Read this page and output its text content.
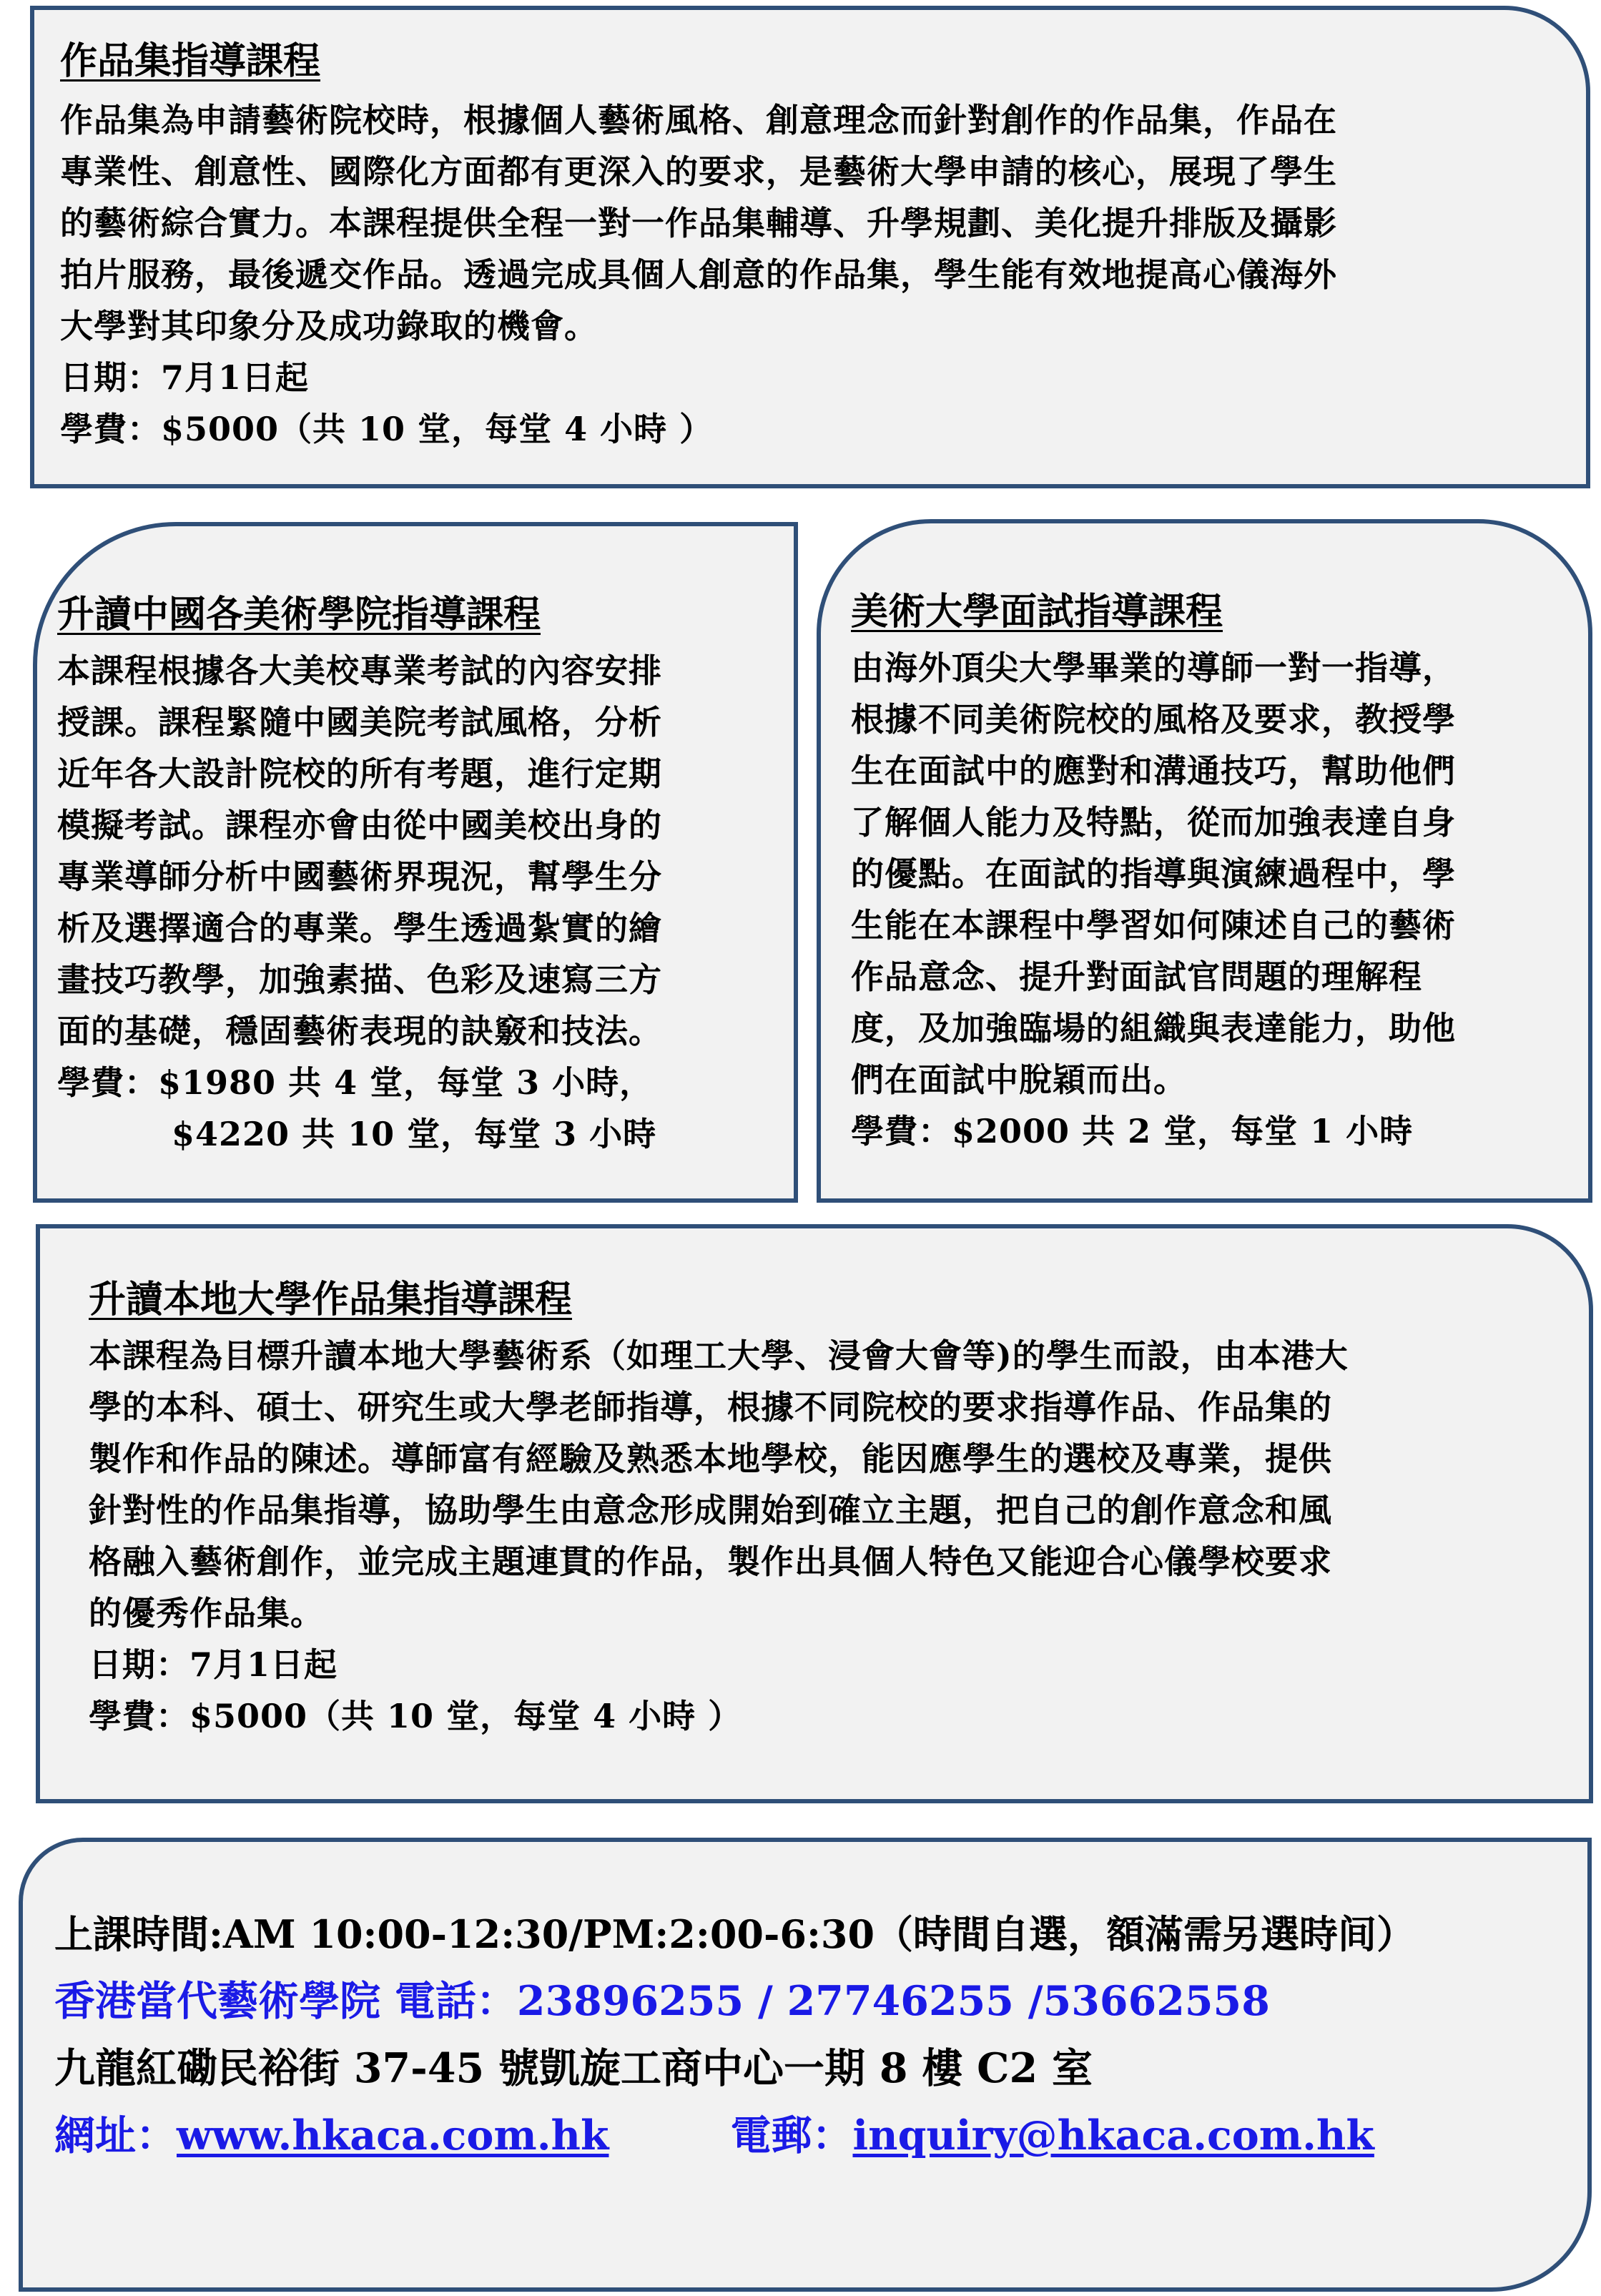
作品集指導課程
作品集為申請藝術院校時，根據個人藝術風格、創意理念而針對創作的作品集，作品在
專業性、創意性、國際化方面都有更深入的要求，是藝術大學申請的核心，展現了學生
的藝術綜合實力。本課程提供全程一對一作品集輔導、升學規劃、美化提升排版及攝影
拍片服務，最後遞交作品。透過完成具個人創意的作品集，學生能有效地提高心儀海外
大學對其印象分及成功錄取的機會。
日期：7月1日起
學費：$5000（共 10 堂，每堂 4 小時 ）
升讀中國各美術學院指導課程
本課程根據各大美校專業考試的內容安排
授課。課程緊隨中國美院考試風格，分析
近年各大設計院校的所有考題，進行定期
模擬考試。課程亦會由從中國美校出身的
專業導師分析中國藝術界現況，幫學生分
析及選擇適合的專業。學生透過紮實的繪
畫技巧教學，加強素描、色彩及速寫三方
面的基礎，穩固藝術表現的訣竅和技法。
學費：$1980 共 4 堂，每堂 3 小時，
$4220 共 10 堂，每堂 3 小時
美術大學面試指導課程
由海外頂尖大學畢業的導師一對一指導，
根據不同美術院校的風格及要求，教授學
生在面試中的應對和溝通技巧，幫助他們
了解個人能力及特點，從而加強表達自身
的優點。在面試的指導與演練過程中，學
生能在本課程中學習如何陳述自己的藝術
作品意念、提升對面試官問題的理解程
度，及加強臨場的組織與表達能力，助他
們在面試中脫穎而出。
學費：$2000 共 2 堂，每堂 1 小時
升讀本地大學作品集指導課程
本課程為目標升讀本地大學藝術系（如理工大學、浸會大會等)的學生而設，由本港大
學的本科、碩士、研究生或大學老師指導，根據不同院校的要求指導作品、作品集的
製作和作品的陳述。導師富有經驗及熟悉本地學校，能因應學生的選校及專業，提供
針對性的作品集指導，協助學生由意念形成開始到確立主題，把自己的創作意念和風
格融入藝術創作，並完成主題連貫的作品，製作出具個人特色又能迎合心儀學校要求
的優秀作品集。
日期：7月1日起
學費：$5000（共 10 堂，每堂 4 小時 ）
上課時間:AM 10:00-12:30/PM:2:00-6:30（時間自選，額滿需另選時间）
香港當代藝術學院 電話：23896255 / 27746255 /53662558
九龍紅磡民裕街 37-45 號凱旋工商中心一期 8 樓 C2 室
網址：www.hkaca.com.hk	電郵：inquiry@hkaca.com.hk
